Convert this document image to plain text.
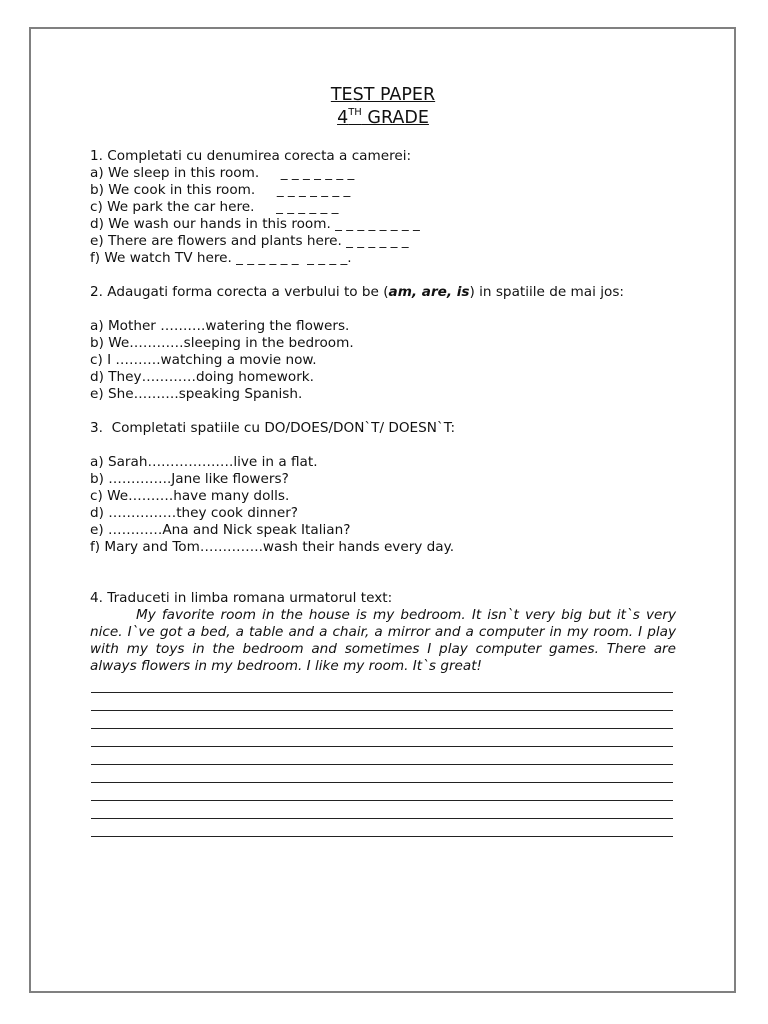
TEST PAPER
4TH GRADE
1. Completati cu denumirea corecta a camerei:
a) We sleep in this room.     _ _ _ _ _ _ _
b) We cook in this room.     _ _ _ _ _ _ _
c) We park the car here.     _ _ _ _ _ _
d) We wash our hands in this room. _ _ _ _ _ _ _ _
e) There are flowers and plants here. _ _ _ _ _ _
f) We watch TV here. _ _ _ _ _ _  _ _ _ _.
2. Adaugati forma corecta a verbului to be (am, are, is) in spatiile de mai jos:
a) Mother ……….watering the flowers.
b) We…………sleeping in the bedroom.
c) I ……….watching a movie now.
d) They…………doing homework.
e) She……….speaking Spanish.
3.  Completati spatiile cu DO/DOES/DON`T/ DOESN`T:
a) Sarah……………….live in a flat.
b) …………..Jane like flowers?
c) We……….have many dolls.
d) ……………they cook dinner?
e) …………Ana and Nick speak Italian?
f) Mary and Tom…………..wash their hands every day.
4. Traduceti in limba romana urmatorul text:
My favorite room in the house is my bedroom. It isn`t very big but it`s very nice. I`ve got a bed, a table and a chair, a mirror and a computer in my room. I play with my toys in the bedroom and sometimes I play computer games. There are always flowers in my bedroom. I like my room. It`s great!
